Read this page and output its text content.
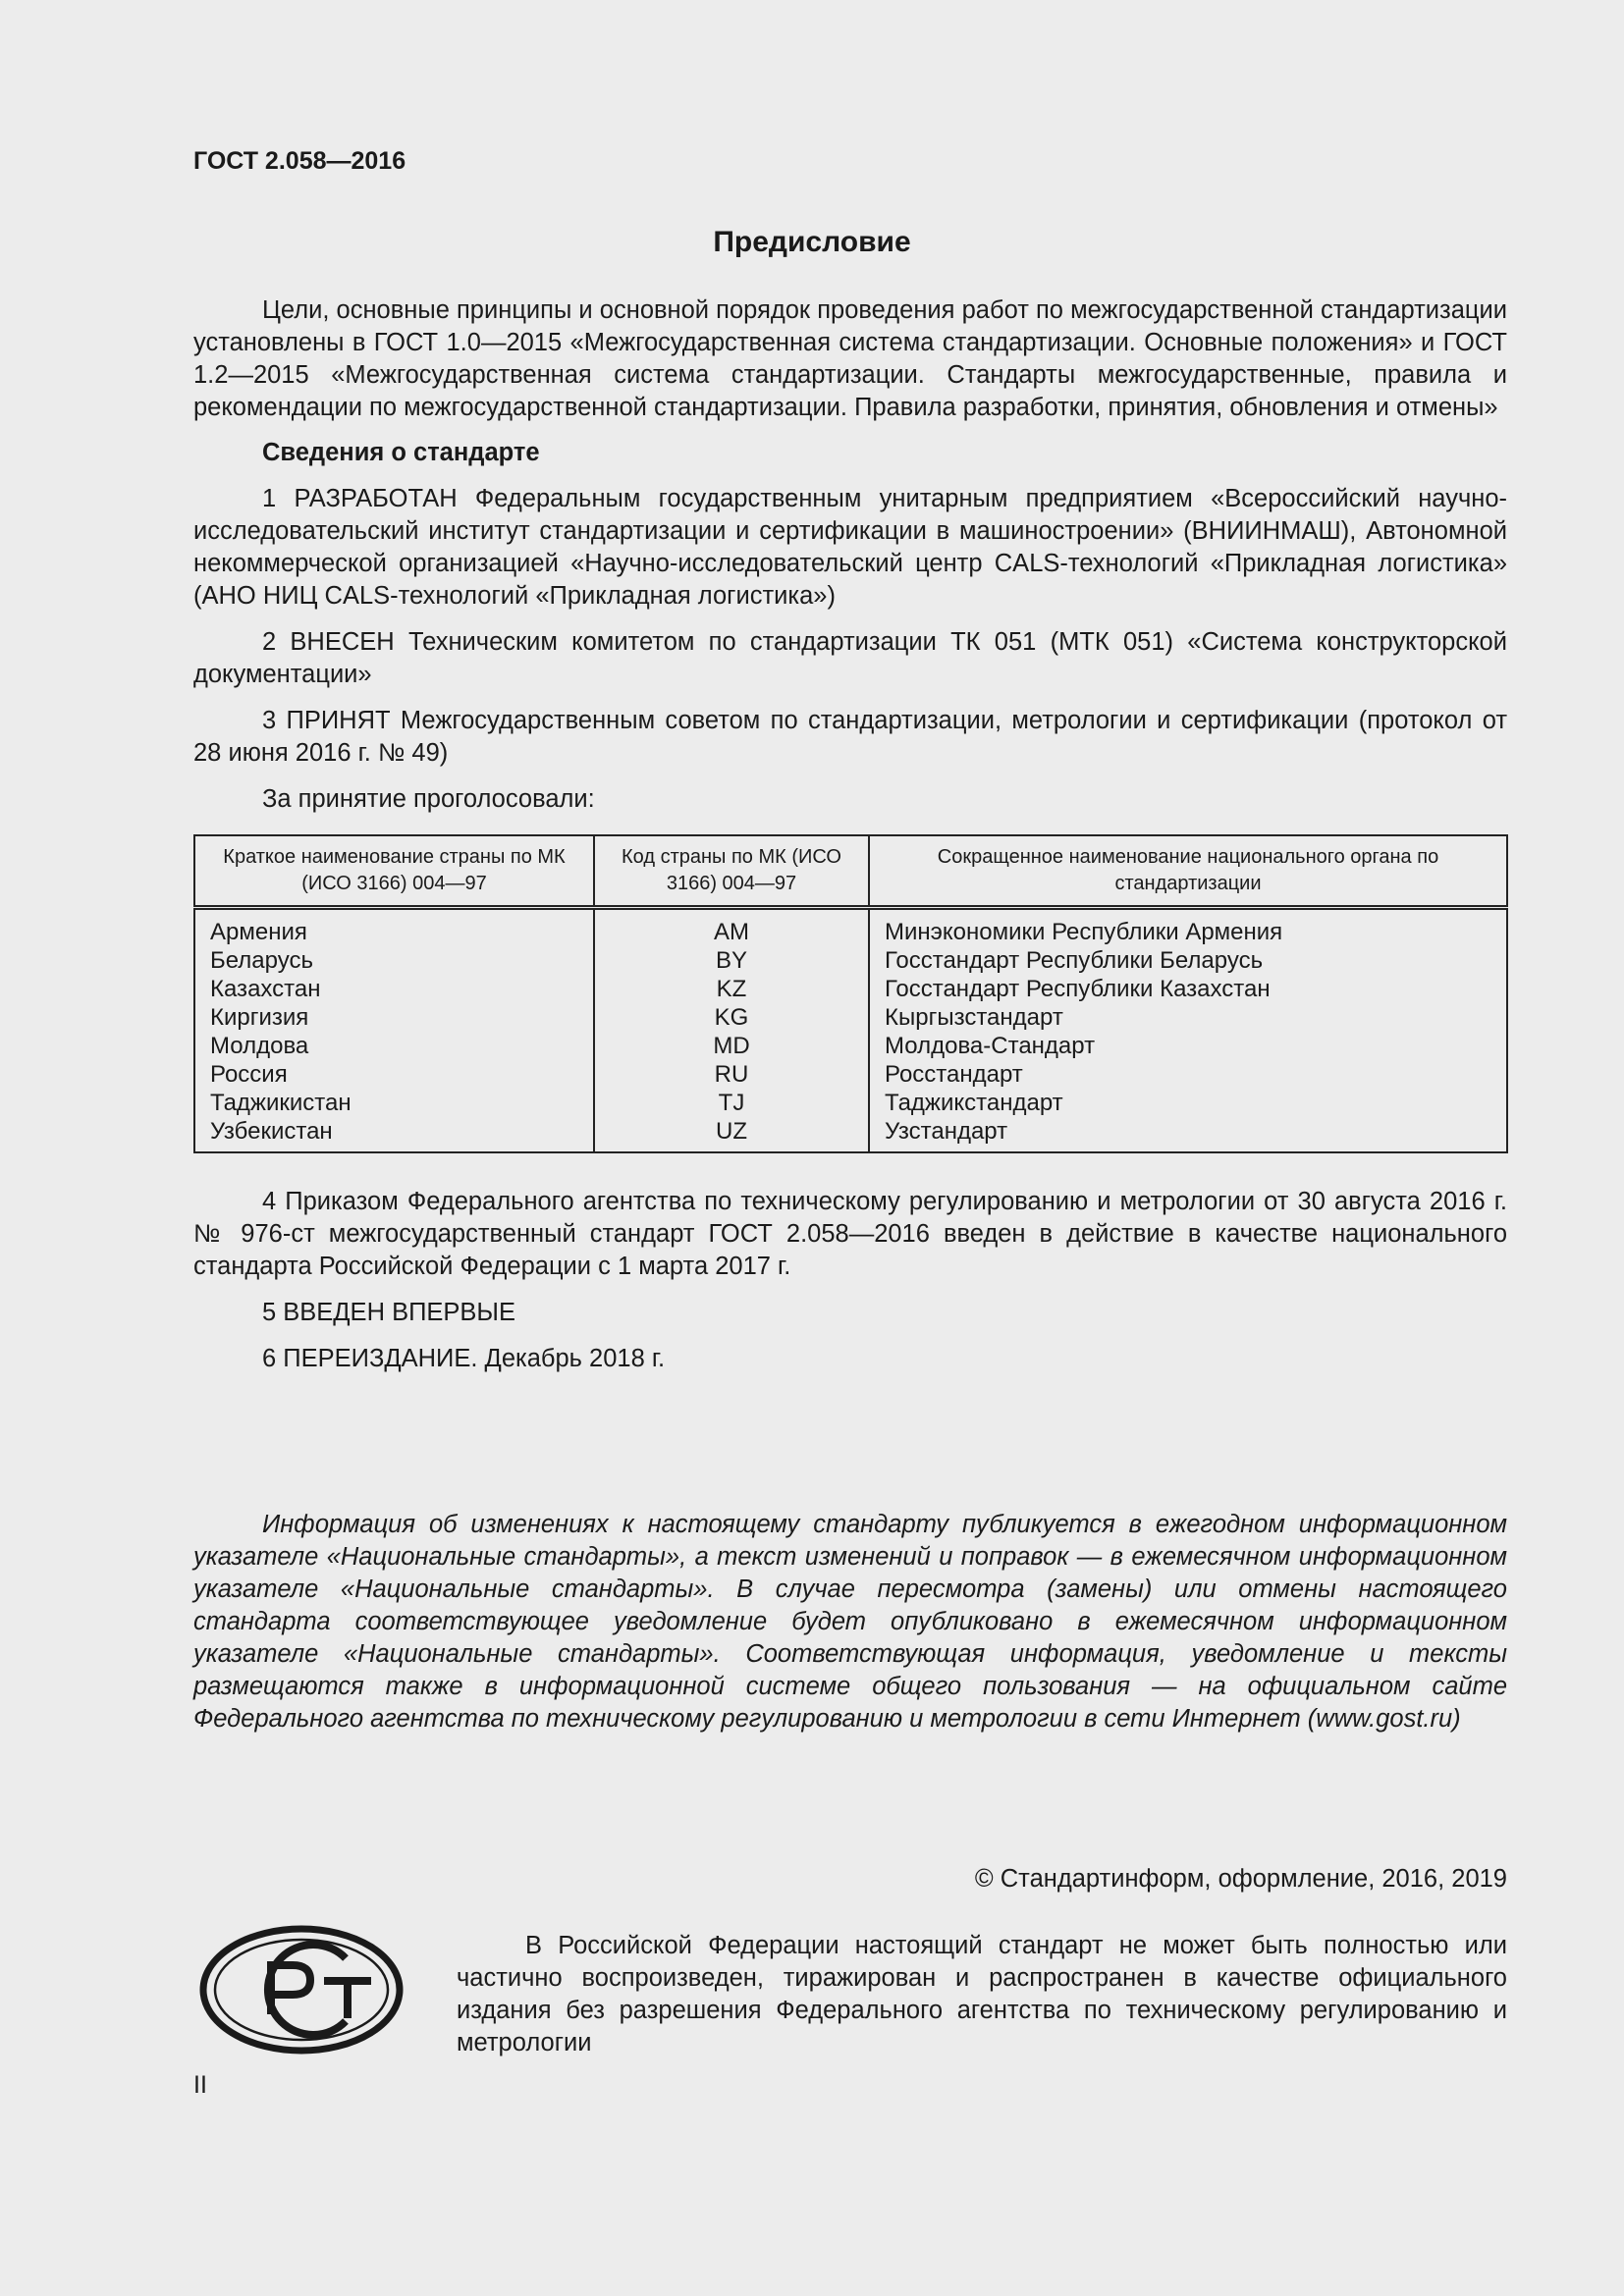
ГОСТ 2.058—2016
Предисловие

Цели, основные принципы и основной порядок проведения работ по межгосударственной стандартизации установлены в ГОСТ 1.0—2015 «Межгосударственная система стандартизации. Основные положения» и ГОСТ 1.2—2015 «Межгосударственная система стандартизации. Стандарты межгосударственные, правила и рекомендации по межгосударственной стандартизации. Правила разработки, принятия, обновления и отмены»

Сведения о стандарте

1 РАЗРАБОТАН Федеральным государственным унитарным предприятием «Всероссийский научно-исследовательский институт стандартизации и сертификации в машиностроении» (ВНИИНМАШ), Автономной некоммерческой организацией «Научно-исследовательский центр CALS-технологий «Прикладная логистика» (АНО НИЦ CALS-технологий «Прикладная логистика»)

2 ВНЕСЕН Техническим комитетом по стандартизации ТК 051 (МТК 051) «Система конструкторской документации»

3 ПРИНЯТ Межгосударственным советом по стандартизации, метрологии и сертификации (протокол от 28 июня 2016 г. № 49)

За принятие проголосовали:

Краткое наименование страны по МК (ИСО 3166) 004—97	Код страны по МК (ИСО 3166) 004—97	Сокращенное наименование национального органа по стандартизации
Армения	AM	Минэкономики Республики Армения
Беларусь	BY	Госстандарт Республики Беларусь
Казахстан	KZ	Госстандарт Республики Казахстан
Киргизия	KG	Кыргызстандарт
Молдова	MD	Молдова-Стандарт
Россия	RU	Росстандарт
Таджикистан	TJ	Таджикстандарт
Узбекистан	UZ	Узстандарт

4 Приказом Федерального агентства по техническому регулированию и метрологии от 30 августа 2016 г. № 976-ст межгосударственный стандарт ГОСТ 2.058—2016 введен в действие в качестве национального стандарта Российской Федерации с 1 марта 2017 г.

5 ВВЕДЕН ВПЕРВЫЕ

6 ПЕРЕИЗДАНИЕ. Декабрь 2018 г.

Информация об изменениях к настоящему стандарту публикуется в ежегодном информационном указателе «Национальные стандарты», а текст изменений и поправок — в ежемесячном информационном указателе «Национальные стандарты». В случае пересмотра (замены) или отмены настоящего стандарта соответствующее уведомление будет опубликовано в ежемесячном информационном указателе «Национальные стандарты». Соответствующая информация, уведомление и тексты размещаются также в информационной системе общего пользования — на официальном сайте Федерального агентства по техническому регулированию и метрологии в сети Интернет (www.gost.ru)

© Стандартинформ, оформление, 2016, 2019

В Российской Федерации настоящий стандарт не может быть полностью или частично воспроизведен, тиражирован и распространен в качестве официального издания без разрешения Федерального агентства по техническому регулированию и метрологии

II
